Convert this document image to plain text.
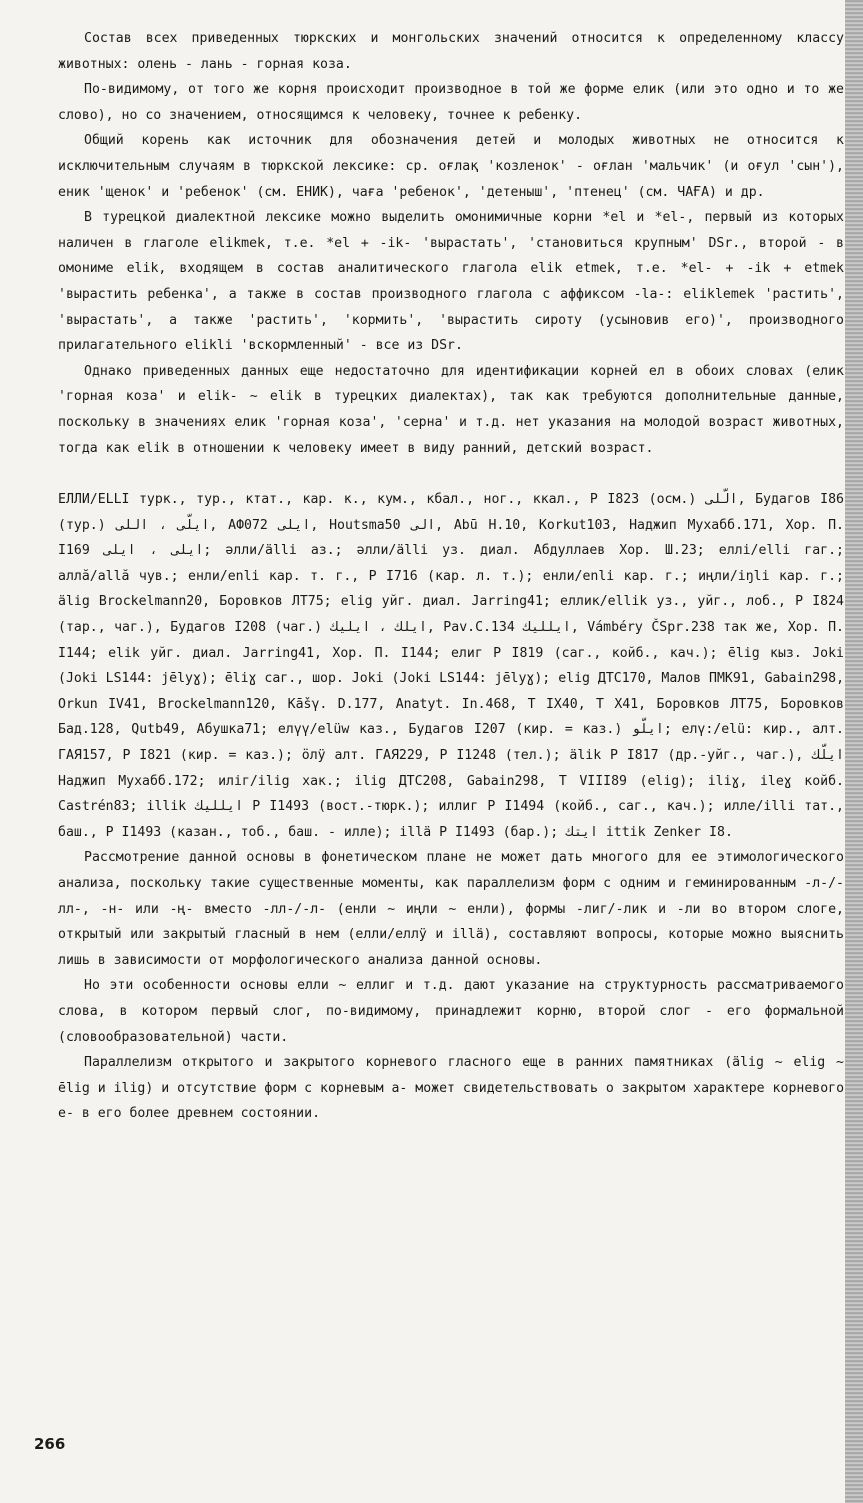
Состав всех приведенных тюркских и монгольских значений относится к определенному классу животных: олень - лань - горная коза.

По-видимому, от того же корня происходит производное в той же форме елик (или это одно и то же слово), но со значением, относящимся к человеку, точнее к ребенку.

Общий корень как источник для обозначения детей и молодых животных не относится к исключительным случаям в тюркской лексике: ср. оғлақ 'козленок' - оғлан 'мальчик' (и оғул 'сын'), еник 'щенок' и 'ребенок' (см. ЕНИК), чаға 'ребенок', 'детеныш', 'птенец' (см. ЧАҒА) и др.

В турецкой диалектной лексике можно выделить омонимичные корни *el и *el-, первый из которых наличен в глаголе elikmek, т.е. *el + -ik- 'вырастать', 'становиться крупным' DSr., второй - в омониме elik, входящем в состав аналитического глагола elik etmek, т.е. *el- + -ik + etmek 'вырастить ребенка', а также в состав производного глагола с аффиксом -la-: eliklemek 'растить', 'вырастать', а также 'растить', 'кормить', 'вырастить сироту (усыновив его)', производного прилагательного elikli 'вскормленный' - все из DSr.

Однако приведенных данных еще недостаточно для идентификации корней ел в обоих словах (елик 'горная коза' и elik- ~ elik в турецких диалектах), так как требуются дополнительные данные, поскольку в значениях елик 'горная коза', 'серна' и т.д. нет указания на молодой возраст животных, тогда как elik в отношении к человеку имеет в виду ранний, детский возраст.

ЕЛЛИ/ELLI турк., тур., ктат., кар. к., кум., кбал., ног., ккал., P I823 (осм.) الّلى, Будагов I86 (тур.) ايلّى ، اللى, АФ072 ايلى, Houtsma50 الى, Abū H.10, Korkut103, Наджип Мухабб.171, Хор. П. I169 ايلى ، ايلى; әлли/älli аз.; әлли/älli уз. диал. Абдуллаев Хор. Ш.23; еллі/elli гаг.; аллă/allă чув.; енли/enli кар. т. г., P I716 (кар. л. т.); енли/enli кар. г.; иңли/iŋli кар. г.; älig Brockelmann20, Боровков ЛТ75; elig уйг. диал. Jarring41; еллик/ellik уз., уйг., лоб., P I824 (тар., чаг.), Будагов I208 (чаг.) ايلك ، ايليك, Pav.C.134 ايلليك, Vámbéry ČSpr.238 так же, Хор. П. I144; elik уйг. диал. Jarring41, Хор. П. I144; елиг P I819 (саг., койб., кач.); ēlig кыз. Joki (Joki LS144: jēlyɣ); ēliɣ саг., шор. Joki (Joki LS144: jēlyɣ); elig ДТС170, Малов ПМК91, Gabain298, Orkun IV41, Brockelmann120, Kāšγ. D.177, Anatyt. In.468, Т IX40, Т X41, Боровков ЛТ75, Боровков Бад.128, Qutb49, Абушка71; елүү/elüw каз., Будагов I207 (кир. = каз.) ايلّو; елү:/elü: кир., алт. ГАЯ157, P I821 (кир. = каз.); ӧлӱ алт. ГАЯ229, P I1248 (тел.); älik P I817 (др.-уйг., чаг.), ايلّك Наджип Мухабб.172; иліг/ilig хак.; ilig ДТС208, Gabain298, Т VIII89 (elig); iliɣ, ileɣ койб. Castrén83; illik ايلليك P I1493 (вост.-тюрк.); иллиг P I1494 (койб., саг., кач.); илле/illi тат., баш., P I1493 (казан., тоб., баш. - илле); illä P I1493 (бар.); ايتك ittik Zenker I8.

Рассмотрение данной основы в фонетическом плане не может дать многого для ее этимологического анализа, поскольку такие существенные моменты, как параллелизм форм с одним и геминированным -л-/-лл-, -н- или -ң- вместо -лл-/-л- (енли ~ иңли ~ енли), формы -лиг/-лик и -ли во втором слоге, открытый или закрытый гласный в нем (елли/еллӱ и illä), составляют вопросы, которые можно выяснить лишь в зависимости от морфологического анализа данной основы.

Но эти особенности основы елли ~ еллиг и т.д. дают указание на структурность рассматриваемого слова, в котором первый слог, по-видимому, принадлежит корню, второй слог - его формальной (словообразовательной) части.

Параллелизм открытого и закрытого корневого гласного еще в ранних памятниках (älig ~ elig ~ ēlig и ilig) и отсутствие форм с корневым а- может свидетельствовать о закрытом характере корневого е- в его более древнем состоянии.

266
